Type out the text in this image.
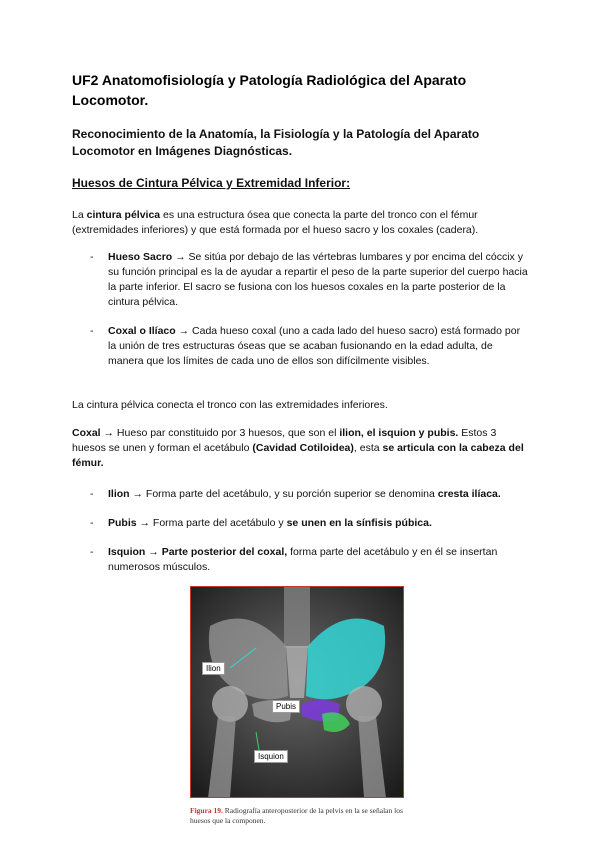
UF2 Anatomofisiología y Patología Radiológica del Aparato Locomotor.
Reconocimiento de la Anatomía, la Fisiología y la Patología del Aparato Locomotor en Imágenes Diagnósticas.
Huesos de Cintura Pélvica y Extremidad Inferior:
La cintura pélvica es una estructura ósea que conecta la parte del tronco con el fémur (extremidades inferiores) y que está formada por el hueso sacro y los coxales (cadera).
-	Hueso Sacro → Se sitúa por debajo de las vértebras lumbares y por encima del cóccix y su función principal es la de ayudar a repartir el peso de la parte superior del cuerpo hacia la parte inferior. El sacro se fusiona con los huesos coxales en la parte posterior de la cintura pélvica.
-	Coxal o Ilíaco → Cada hueso coxal (uno a cada lado del hueso sacro) está formado por la unión de tres estructuras óseas que se acaban fusionando en la edad adulta, de manera que los límites de cada uno de ellos son difícilmente visibles.
La cintura pélvica conecta el tronco con las extremidades inferiores.
Coxal → Hueso par constituido por 3 huesos, que son el ilion, el isquion y pubis. Estos 3 huesos se unen y forman el acetábulo (Cavidad Cotiloidea), esta se articula con la cabeza del fémur.
-	Ilion → Forma parte del acetábulo, y su porción superior se denomina cresta ilíaca.
-	Pubis → Forma parte del acetábulo y se unen en la sínfisis púbica.
-	Isquion → Parte posterior del coxal, forma parte del acetábulo y en él se insertan numerosos músculos.
Ilion
Pubis
Isquion
Figura 19. Radiografía anteroposterior de la pelvis en la se señalan los huesos que la componen.
